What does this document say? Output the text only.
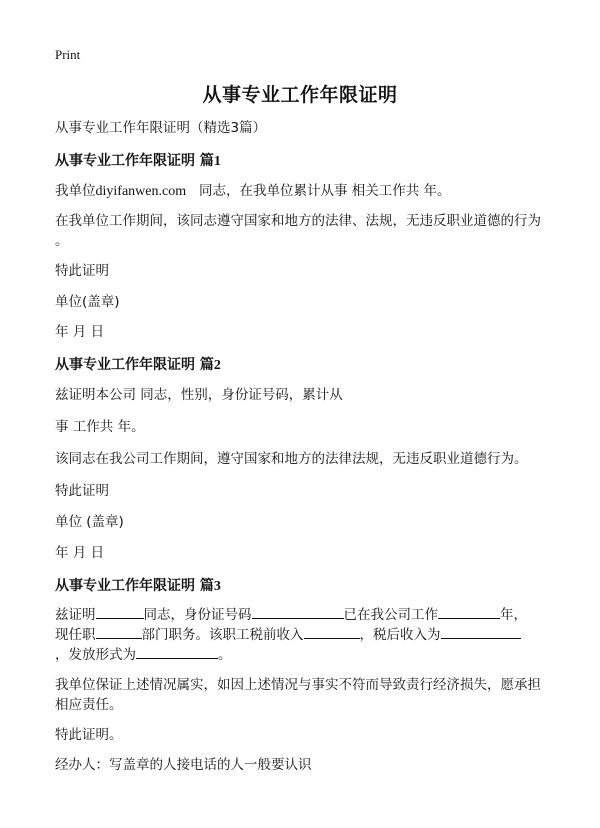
Print
从事专业工作年限证明
从事专业工作年限证明（精选3篇）
从事专业工作年限证明 篇1
我单位diyifanwen.com   同志，在我单位累计从事 相关工作共 年。
在我单位工作期间，该同志遵守国家和地方的法律、法规，无违反职业道德的行为
。
特此证明
单位(盖章)
年 月 日
从事专业工作年限证明 篇2
兹证明本公司 同志，性别，身份证号码，累计从
事 工作共 年。
该同志在我公司工作期间，遵守国家和地方的法律法规，无违反职业道德行为。
特此证明
单位 (盖章)
年 月 日
从事专业工作年限证明 篇3
兹证明	同志，身份证号码	已在我公司工作	年，
现任职	部门职务。该职工税前收入	，税后收入为
，发放形式为	。
我单位保证上述情况属实，如因上述情况与事实不符而导致责行经济损失，愿承担
相应责任。
特此证明。
经办人：写盖章的人接电话的人一般要认识
